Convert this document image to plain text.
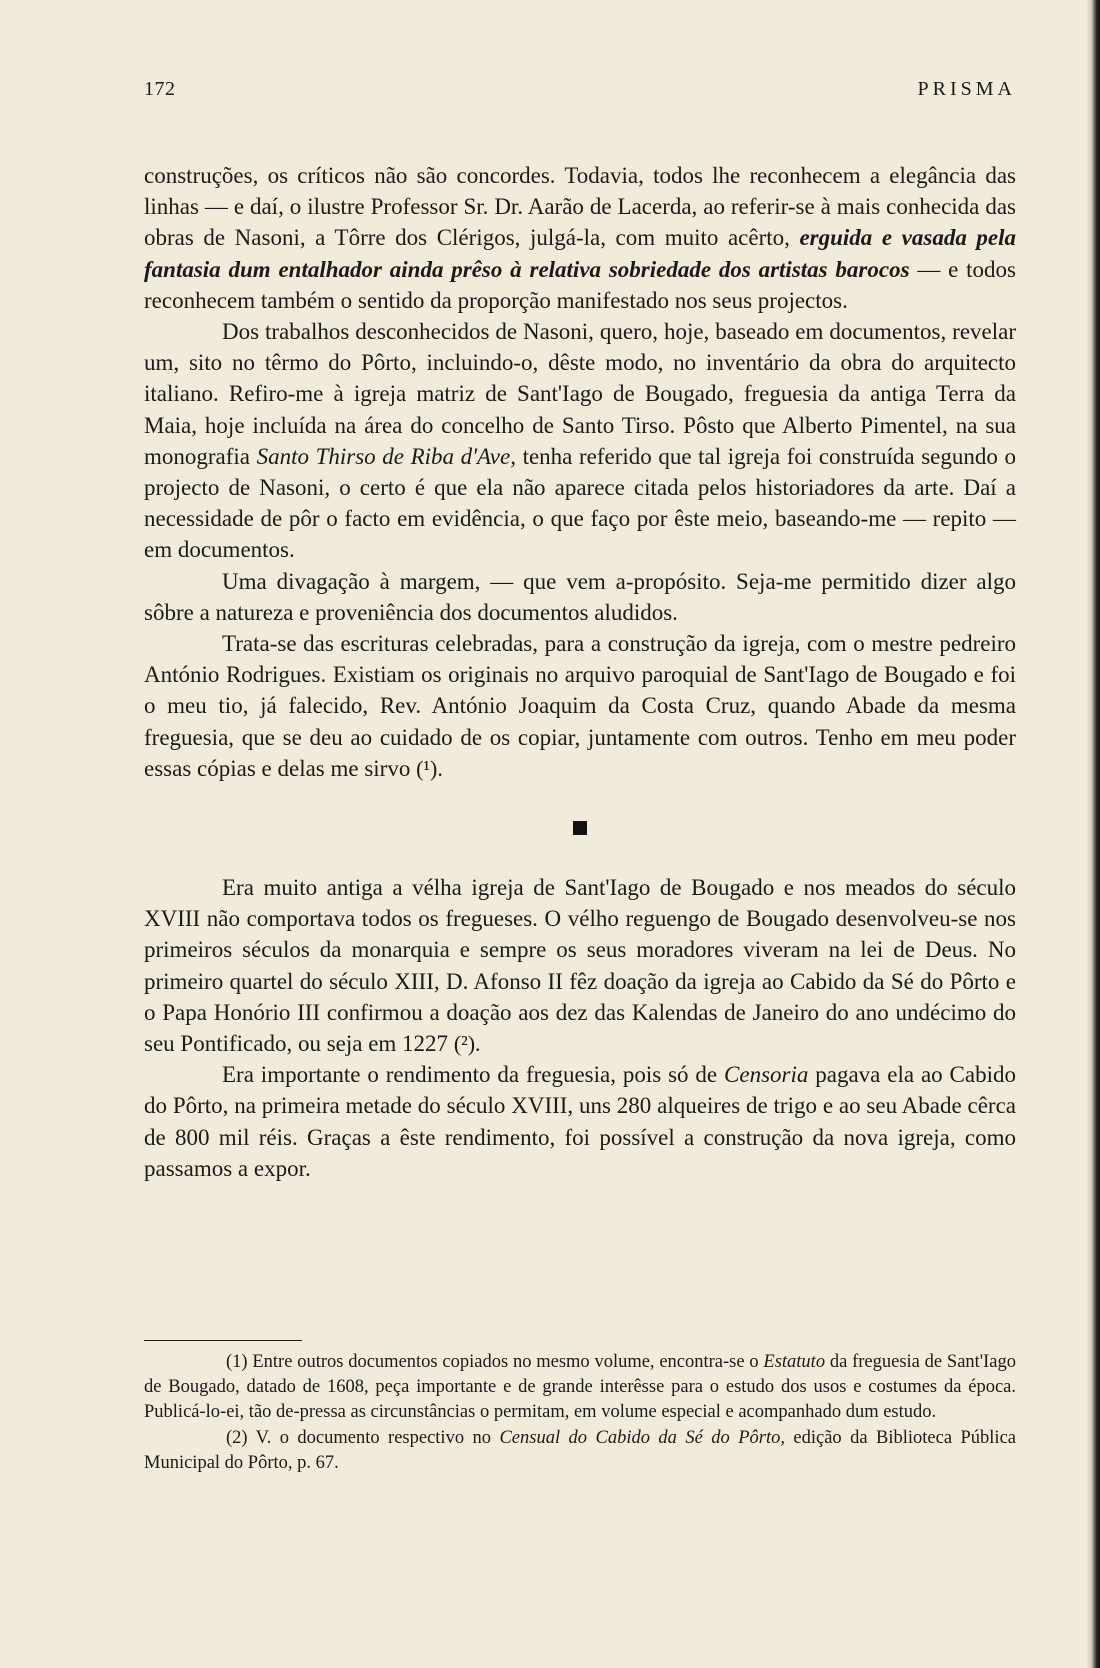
172	PRISMA

construções, os críticos não são concordes. Todavia, todos lhe reconhecem a elegância das linhas — e daí, o ilustre Professor Sr. Dr. Aarão de Lacerda, ao referir-se à mais conhecida das obras de Nasoni, a Tôrre dos Clérigos, julgá-la, com muito acêrto, erguida e vasada pela fantasia dum entalhador ainda prêso à relativa sobriedade dos artistas barocos — e todos reconhecem também o sentido da proporção manifestado nos seus projectos.

Dos trabalhos desconhecidos de Nasoni, quero, hoje, baseado em documentos, revelar um, sito no têrmo do Pôrto, incluindo-o, dêste modo, no inventário da obra do arquitecto italiano. Refiro-me à igreja matriz de Sant'Iago de Bougado, freguesia da antiga Terra da Maia, hoje incluída na área do concelho de Santo Tirso. Pôsto que Alberto Pimentel, na sua monografia Santo Thirso de Riba d'Ave, tenha referido que tal igreja foi construída segundo o projecto de Nasoni, o certo é que ela não aparece citada pelos historiadores da arte. Daí a necessidade de pôr o facto em evidência, o que faço por êste meio, baseando-me — repito — em documentos.

Uma divagação à margem, — que vem a-propósito. Seja-me permitido dizer algo sôbre a natureza e proveniência dos documentos aludidos.

Trata-se das escrituras celebradas, para a construção da igreja, com o mestre pedreiro António Rodrigues. Existiam os originais no arquivo paroquial de Sant'Iago de Bougado e foi o meu tio, já falecido, Rev. António Joaquim da Costa Cruz, quando Abade da mesma freguesia, que se deu ao cuidado de os copiar, juntamente com outros. Tenho em meu poder essas cópias e delas me sirvo (¹).

Era muito antiga a vélha igreja de Sant'Iago de Bougado e nos meados do século XVIII não comportava todos os fregueses. O vélho reguengo de Bougado desenvolveu-se nos primeiros séculos da monarquia e sempre os seus moradores viveram na lei de Deus. No primeiro quartel do século XIII, D. Afonso II fêz doação da igreja ao Cabido da Sé do Pôrto e o Papa Honório III confirmou a doação aos dez das Kalendas de Janeiro do ano undécimo do seu Pontificado, ou seja em 1227 (²).

Era importante o rendimento da freguesia, pois só de Censoria pagava ela ao Cabido do Pôrto, na primeira metade do século XVIII, uns 280 alqueires de trigo e ao seu Abade cêrca de 800 mil réis. Graças a êste rendimento, foi possível a construção da nova igreja, como passamos a expor.

(1) Entre outros documentos copiados no mesmo volume, encontra-se o Estatuto da freguesia de Sant'Iago de Bougado, datado de 1608, peça importante e de grande interêsse para o estudo dos usos e costumes da época. Publicá-lo-ei, tão de-pressa as circunstâncias o permitam, em volume especial e acompanhado dum estudo.

(2) V. o documento respectivo no Censual do Cabido da Sé do Pôrto, edição da Biblioteca Pública Municipal do Pôrto, p. 67.
